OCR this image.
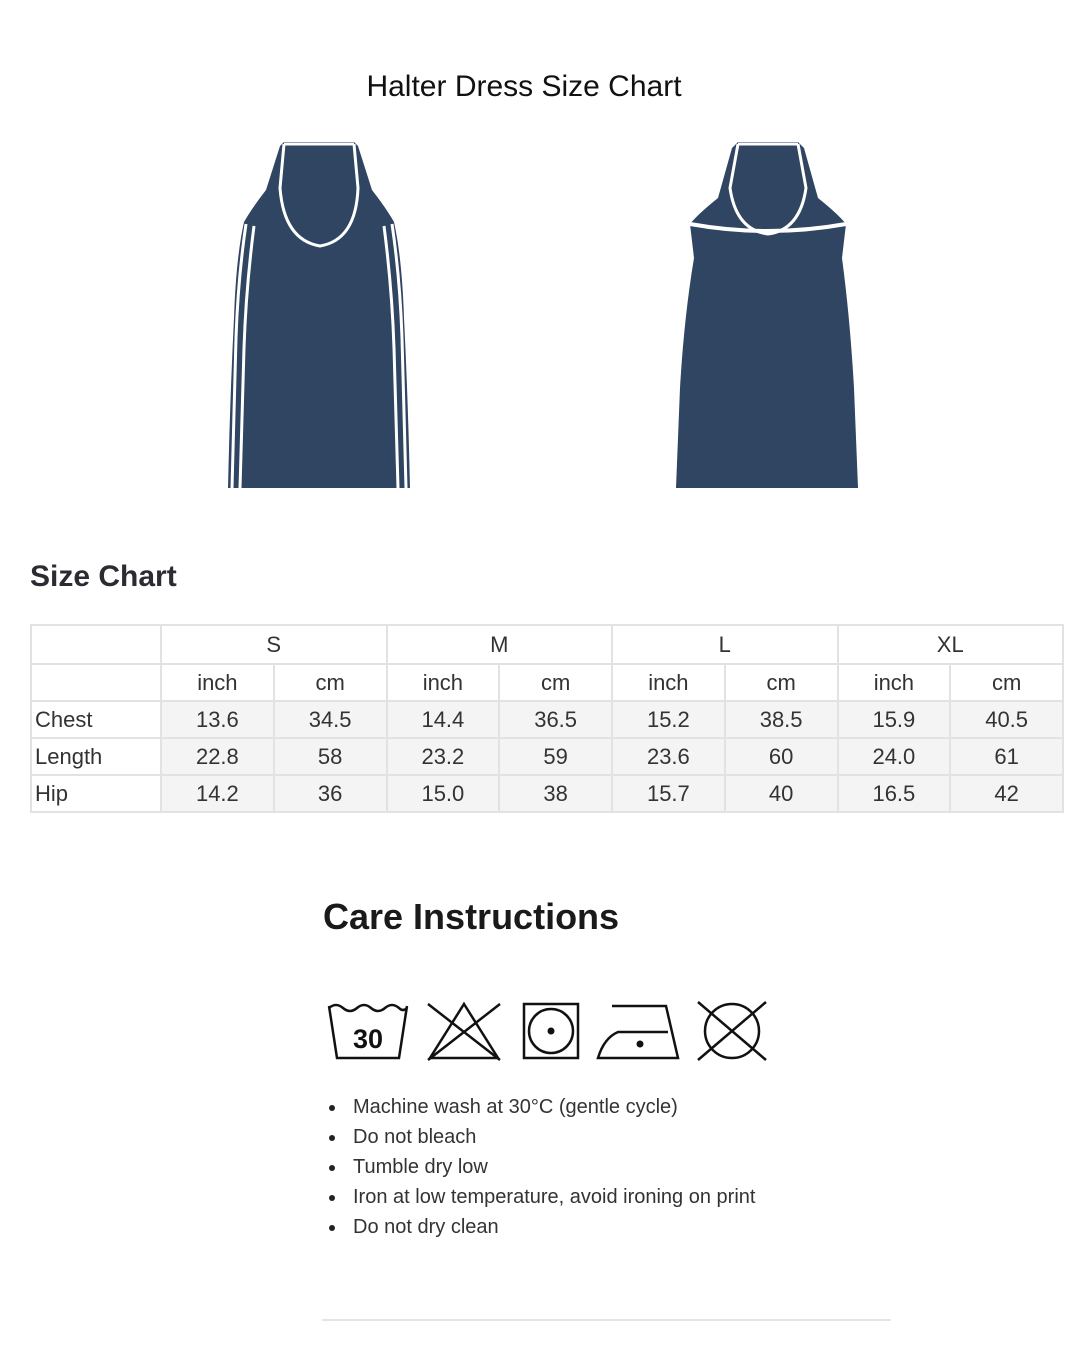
Halter Dress Size Chart
Size Chart
	S		M		L		XL	
	inch	cm	inch	cm	inch	cm	inch	cm
Chest	13.6	34.5	14.4	36.5	15.2	38.5	15.9	40.5
Length	22.8	58	23.2	59	23.6	60	24.0	61
Hip	14.2	36	15.0	38	15.7	40	16.5	42
Care Instructions
30
Machine wash at 30°C (gentle cycle)
Do not bleach
Tumble dry low
Iron at low temperature, avoid ironing on print
Do not dry clean
